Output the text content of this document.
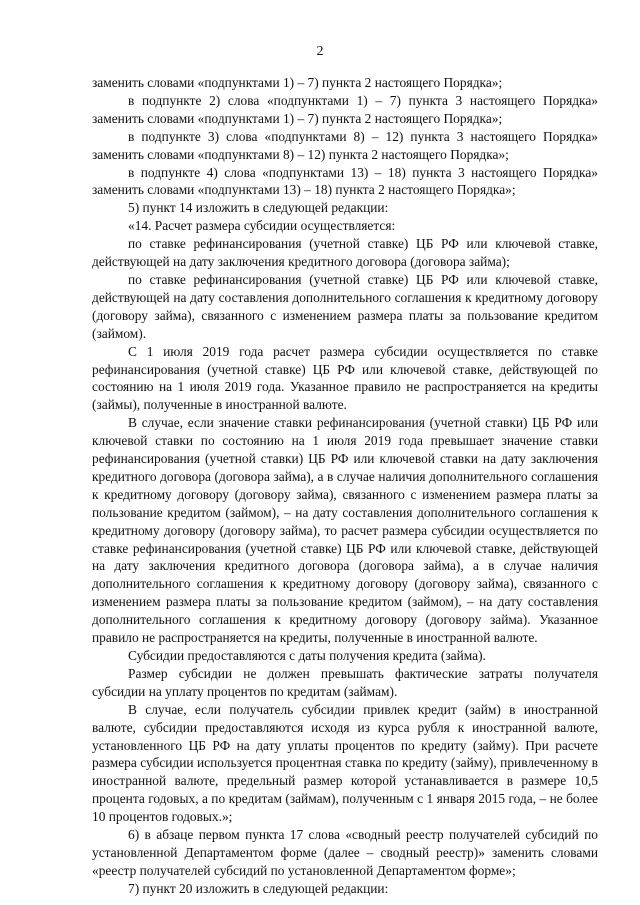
2

заменить словами «подпунктами 1) – 7) пункта 2 настоящего Порядка»;

в подпункте 2) слова «подпунктами 1) – 7) пункта 3 настоящего Порядка» заменить словами «подпунктами 1) – 7) пункта 2 настоящего Порядка»;

в подпункте 3) слова «подпунктами 8) – 12) пункта 3 настоящего Порядка» заменить словами «подпунктами 8) – 12) пункта 2 настоящего Порядка»;

в подпункте 4) слова «подпунктами 13) – 18) пункта 3 настоящего Порядка» заменить словами «подпунктами 13) – 18) пункта 2 настоящего Порядка»;

5) пункт 14 изложить в следующей редакции:

«14. Расчет размера субсидии осуществляется:

по ставке рефинансирования (учетной ставке) ЦБ РФ или ключевой ставке, действующей на дату заключения кредитного договора (договора займа);

по ставке рефинансирования (учетной ставке) ЦБ РФ или ключевой ставке, действующей на дату составления дополнительного соглашения к кредитному договору (договору займа), связанного с изменением размера платы за пользование кредитом (займом).

С 1 июля 2019 года расчет размера субсидии осуществляется по ставке рефинансирования (учетной ставке) ЦБ РФ или ключевой ставке, действующей по состоянию на 1 июля 2019 года. Указанное правило не распространяется на кредиты (займы), полученные в иностранной валюте.

В случае, если значение ставки рефинансирования (учетной ставки) ЦБ РФ или ключевой ставки по состоянию на 1 июля 2019 года превышает значение ставки рефинансирования (учетной ставки) ЦБ РФ или ключевой ставки на дату заключения кредитного договора (договора займа), а в случае наличия дополнительного соглашения к кредитному договору (договору займа), связанного с изменением размера платы за пользование кредитом (займом), – на дату составления дополнительного соглашения к кредитному договору (договору займа), то расчет размера субсидии осуществляется по ставке рефинансирования (учетной ставке) ЦБ РФ или ключевой ставке, действующей на дату заключения кредитного договора (договора займа), а в случае наличия дополнительного соглашения к кредитному договору (договору займа), связанного с изменением размера платы за пользование кредитом (займом), – на дату составления дополнительного соглашения к кредитному договору (договору займа). Указанное правило не распространяется на кредиты, полученные в иностранной валюте.

Субсидии предоставляются с даты получения кредита (займа).

Размер субсидии не должен превышать фактические затраты получателя субсидии на уплату процентов по кредитам (займам).

В случае, если получатель субсидии привлек кредит (займ) в иностранной валюте, субсидии предоставляются исходя из курса рубля к иностранной валюте, установленного ЦБ РФ на дату уплаты процентов по кредиту (займу). При расчете размера субсидии используется процентная ставка по кредиту (займу), привлеченному в иностранной валюте, предельный размер которой устанавливается в размере 10,5 процента годовых, а по кредитам (займам), полученным с 1 января 2015 года, – не более 10 процентов годовых.»;

6) в абзаце первом пункта 17 слова «сводный реестр получателей субсидий по установленной Департаментом форме (далее – сводный реестр)» заменить словами «реестр получателей субсидий по установленной Департаментом форме»;

7) пункт 20 изложить в следующей редакции:
